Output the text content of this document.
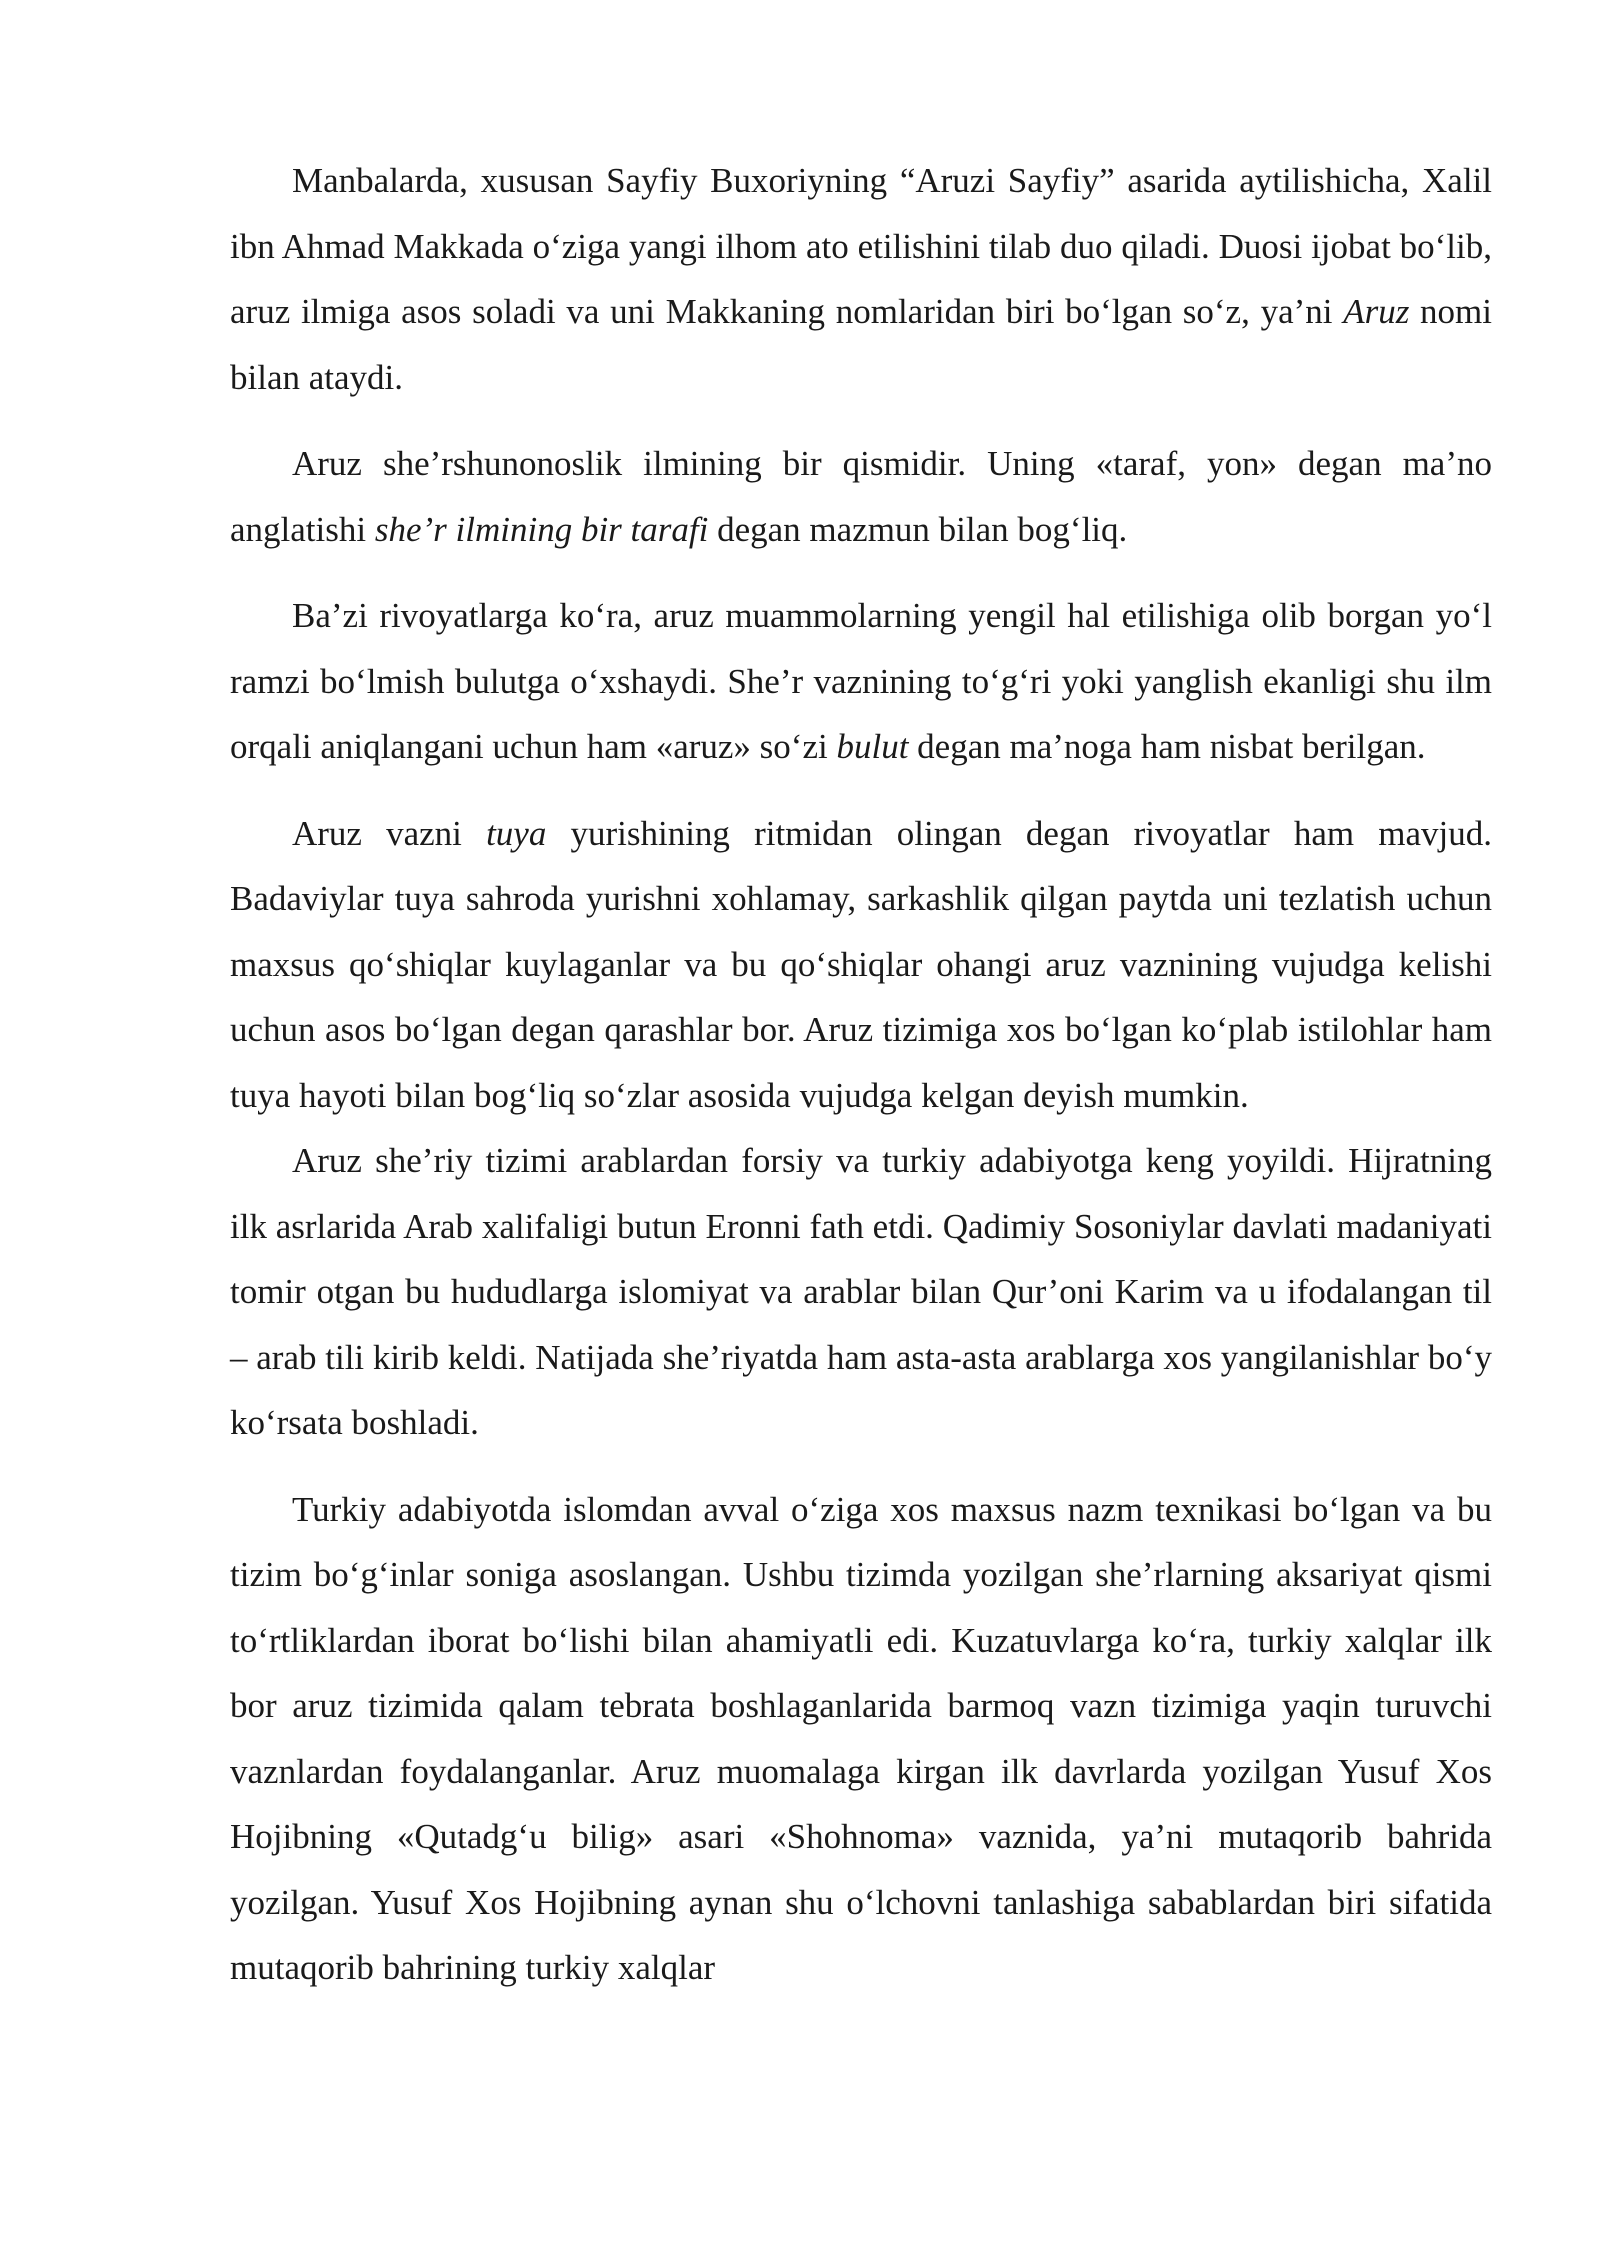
Manbalarda, xususan Sayfiy Buxoriyning “Aruzi Sayfiy” asarida aytilishicha, Xalil ibn Ahmad Makkada o‘ziga yangi ilhom ato etilishini tilab duo qiladi. Duosi ijobat bo‘lib, aruz ilmiga asos soladi va uni Makkaning nomlaridan biri bo‘lgan so‘z, ya’ni Aruz nomi bilan ataydi.

Aruz she’rshunonoslik ilmining bir qismidir. Uning «taraf, yon» degan ma’no anglatishi she’r ilmining bir tarafi degan mazmun bilan bog‘liq.

Ba’zi rivoyatlarga ko‘ra, aruz muammolarning yengil hal etilishiga olib borgan yo‘l ramzi bo‘lmish bulutga o‘xshaydi. She’r vaznining to‘g‘ri yoki yanglish ekanligi shu ilm orqali aniqlangani uchun ham «aruz» so‘zi bulut degan ma’noga ham nisbat berilgan.

Aruz vazni tuya yurishining ritmidan olingan degan rivoyatlar ham mavjud. Badaviylar tuya sahroda yurishni xohlamay, sarkashlik qilgan paytda uni tezlatish uchun maxsus qo‘shiqlar kuylaganlar va bu qo‘shiqlar ohangi aruz vaznining vujudga kelishi uchun asos bo‘lgan degan qarashlar bor. Aruz tizimiga xos bo‘lgan ko‘plab istilohlar ham tuya hayoti bilan bog‘liq so‘zlar asosida vujudga kelgan deyish mumkin.

Aruz she’riy tizimi arablardan forsiy va turkiy adabiyotga keng yoyildi. Hijratning ilk asrlarida Arab xalifaligi butun Eronni fath etdi. Qadimiy Sosoniylar davlati madaniyati tomir otgan bu hududlarga islomiyat va arablar bilan Qur’oni Karim va u ifodalangan til – arab tili kirib keldi. Natijada she’riyatda ham asta-asta arablarga xos yangilanishlar bo‘y ko‘rsata boshladi.

Turkiy adabiyotda islomdan avval o‘ziga xos maxsus nazm texnikasi bo‘lgan va bu tizim bo‘g‘inlar soniga asoslangan. Ushbu tizimda yozilgan she’rlarning aksariyat qismi to‘rtliklardan iborat bo‘lishi bilan ahamiyatli edi. Kuzatuvlarga ko‘ra, turkiy xalqlar ilk bor aruz tizimida qalam tebrata boshlaganlarida barmoq vazn tizimiga yaqin turuvchi vaznlardan foydalanganlar. Aruz muomalaga kirgan ilk davrlarda yozilgan Yusuf Xos Hojibning «Qutadg‘u bilig» asari «Shohnoma» vaznida, ya’ni mutaqorib bahrida yozilgan. Yusuf Xos Hojibning aynan shu o‘lchovni tanlashiga sabablardan biri sifatida mutaqorib bahrining turkiy xalqlar
